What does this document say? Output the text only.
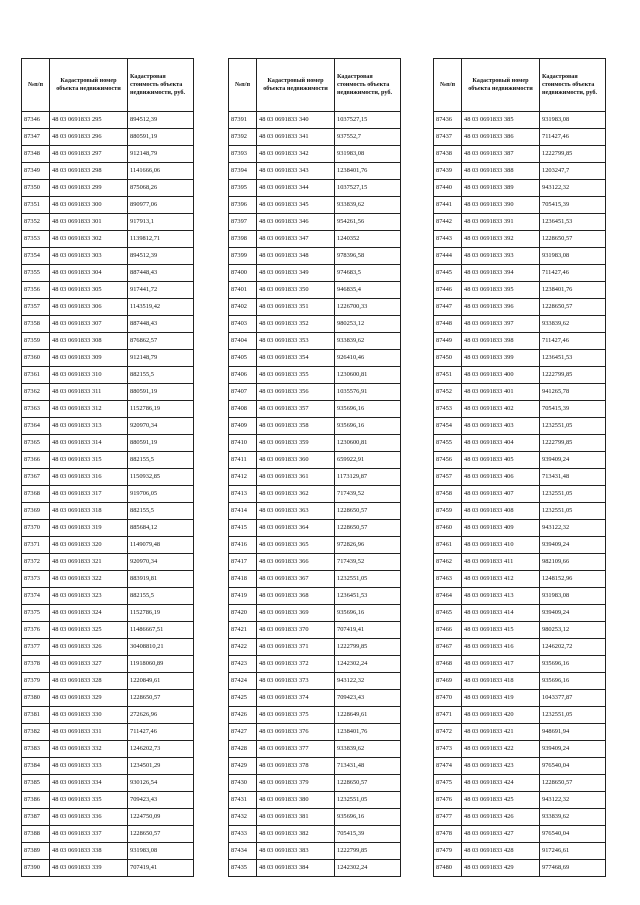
№п/п	Кадастровый номер объекта недвижимости	Кадастровая стоимость объекта недвижимости, руб.
87346	48 03 0691833 295	894512,39
87347	48 03 0691833 296	880591,19
87348	48 03 0691833 297	912148,79
87349	48 03 0691833 298	1141666,06
87350	48 03 0691833 299	875068,26
87351	48 03 0691833 300	890977,06
87352	48 03 0691833 301	917913,1
87353	48 03 0691833 302	1139812,71
87354	48 03 0691833 303	894512,39
87355	48 03 0691833 304	887448,43
87356	48 03 0691833 305	917441,72
87357	48 03 0691833 306	1143519,42
87358	48 03 0691833 307	887448,43
87359	48 03 0691833 308	876862,57
87360	48 03 0691833 309	912148,79
87361	48 03 0691833 310	882155,5
87362	48 03 0691833 311	880591,19
87363	48 03 0691833 312	1152786,19
87364	48 03 0691833 313	920970,34
87365	48 03 0691833 314	880591,19
87366	48 03 0691833 315	882155,5
87367	48 03 0691833 316	1150932,85
87368	48 03 0691833 317	919706,05
87369	48 03 0691833 318	882155,5
87370	48 03 0691833 319	885684,12
87371	48 03 0691833 320	1149079,48
87372	48 03 0691833 321	920970,34
87373	48 03 0691833 322	883919,81
87374	48 03 0691833 323	882155,5
87375	48 03 0691833 324	1152786,19
87376	48 03 0691833 325	11486667,51
87377	48 03 0691833 326	30408810,21
87378	48 03 0691833 327	11918060,89
87379	48 03 0691833 328	1220849,61
87380	48 03 0691833 329	1228650,57
87381	48 03 0691833 330	272626,96
87382	48 03 0691833 331	711427,46
87383	48 03 0691833 332	1246202,73
87384	48 03 0691833 333	1234501,29
87385	48 03 0691833 334	930126,54
87386	48 03 0691833 335	709423,43
87387	48 03 0691833 336	1224750,09
87388	48 03 0691833 337	1228650,57
87389	48 03 0691833 338	931983,08
87390	48 03 0691833 339	707419,41
№п/п	Кадастровый номер объекта недвижимости	Кадастровая стоимость объекта недвижимости, руб.
87391	48 03 0691833 340	1037527,15
87392	48 03 0691833 341	937552,7
87393	48 03 0691833 342	931983,08
87394	48 03 0691833 343	1238401,76
87395	48 03 0691833 344	1037527,15
87396	48 03 0691833 345	933839,62
87397	48 03 0691833 346	954261,56
87398	48 03 0691833 347	1240352
87399	48 03 0691833 348	978396,58
87400	48 03 0691833 349	974683,5
87401	48 03 0691833 350	946835,4
87402	48 03 0691833 351	1226700,33
87403	48 03 0691833 352	980253,12
87404	48 03 0691833 353	933839,62
87405	48 03 0691833 354	926410,46
87406	48 03 0691833 355	1230600,81
87407	48 03 0691833 356	1035576,91
87408	48 03 0691833 357	935696,16
87409	48 03 0691833 358	935696,16
87410	48 03 0691833 359	1230600,81
87411	48 03 0691833 360	659922,91
87412	48 03 0691833 361	1173129,87
87413	48 03 0691833 362	717439,52
87414	48 03 0691833 363	1228650,57
87415	48 03 0691833 364	1228650,57
87416	48 03 0691833 365	972826,96
87417	48 03 0691833 366	717439,52
87418	48 03 0691833 367	1232551,05
87419	48 03 0691833 368	1236451,53
87420	48 03 0691833 369	935696,16
87421	48 03 0691833 370	707419,41
87422	48 03 0691833 371	1222799,85
87423	48 03 0691833 372	1242302,24
87424	48 03 0691833 373	943122,32
87425	48 03 0691833 374	709423,43
87426	48 03 0691833 375	1228649,61
87427	48 03 0691833 376	1238401,76
87428	48 03 0691833 377	933839,62
87429	48 03 0691833 378	713431,48
87430	48 03 0691833 379	1228650,57
87431	48 03 0691833 380	1232551,05
87432	48 03 0691833 381	935696,16
87433	48 03 0691833 382	705415,39
87434	48 03 0691833 383	1222799,85
87435	48 03 0691833 384	1242302,24
№п/п	Кадастровый номер объекта недвижимости	Кадастровая стоимость объекта недвижимости, руб.
87436	48 03 0691833 385	931983,08
87437	48 03 0691833 386	711427,46
87438	48 03 0691833 387	1222799,85
87439	48 03 0691833 388	1203247,7
87440	48 03 0691833 389	943122,32
87441	48 03 0691833 390	705415,39
87442	48 03 0691833 391	1236451,53
87443	48 03 0691833 392	1228650,57
87444	48 03 0691833 393	931983,08
87445	48 03 0691833 394	711427,46
87446	48 03 0691833 395	1238401,76
87447	48 03 0691833 396	1228650,57
87448	48 03 0691833 397	933839,62
87449	48 03 0691833 398	711427,46
87450	48 03 0691833 399	1236451,53
87451	48 03 0691833 400	1222799,85
87452	48 03 0691833 401	941265,78
87453	48 03 0691833 402	705415,39
87454	48 03 0691833 403	1232551,05
87455	48 03 0691833 404	1222799,85
87456	48 03 0691833 405	939409,24
87457	48 03 0691833 406	713431,48
87458	48 03 0691833 407	1232551,05
87459	48 03 0691833 408	1232551,05
87460	48 03 0691833 409	943122,32
87461	48 03 0691833 410	939409,24
87462	48 03 0691833 411	982109,66
87463	48 03 0691833 412	1248152,96
87464	48 03 0691833 413	931983,08
87465	48 03 0691833 414	939409,24
87466	48 03 0691833 415	980253,12
87467	48 03 0691833 416	1246202,72
87468	48 03 0691833 417	935696,16
87469	48 03 0691833 418	935696,16
87470	48 03 0691833 419	1043377,87
87471	48 03 0691833 420	1232551,05
87472	48 03 0691833 421	948691,94
87473	48 03 0691833 422	939409,24
87474	48 03 0691833 423	976540,04
87475	48 03 0691833 424	1228650,57
87476	48 03 0691833 425	943122,32
87477	48 03 0691833 426	933839,62
87478	48 03 0691833 427	976540,04
87479	48 03 0691833 428	917246,61
87480	48 03 0691833 429	977468,69
